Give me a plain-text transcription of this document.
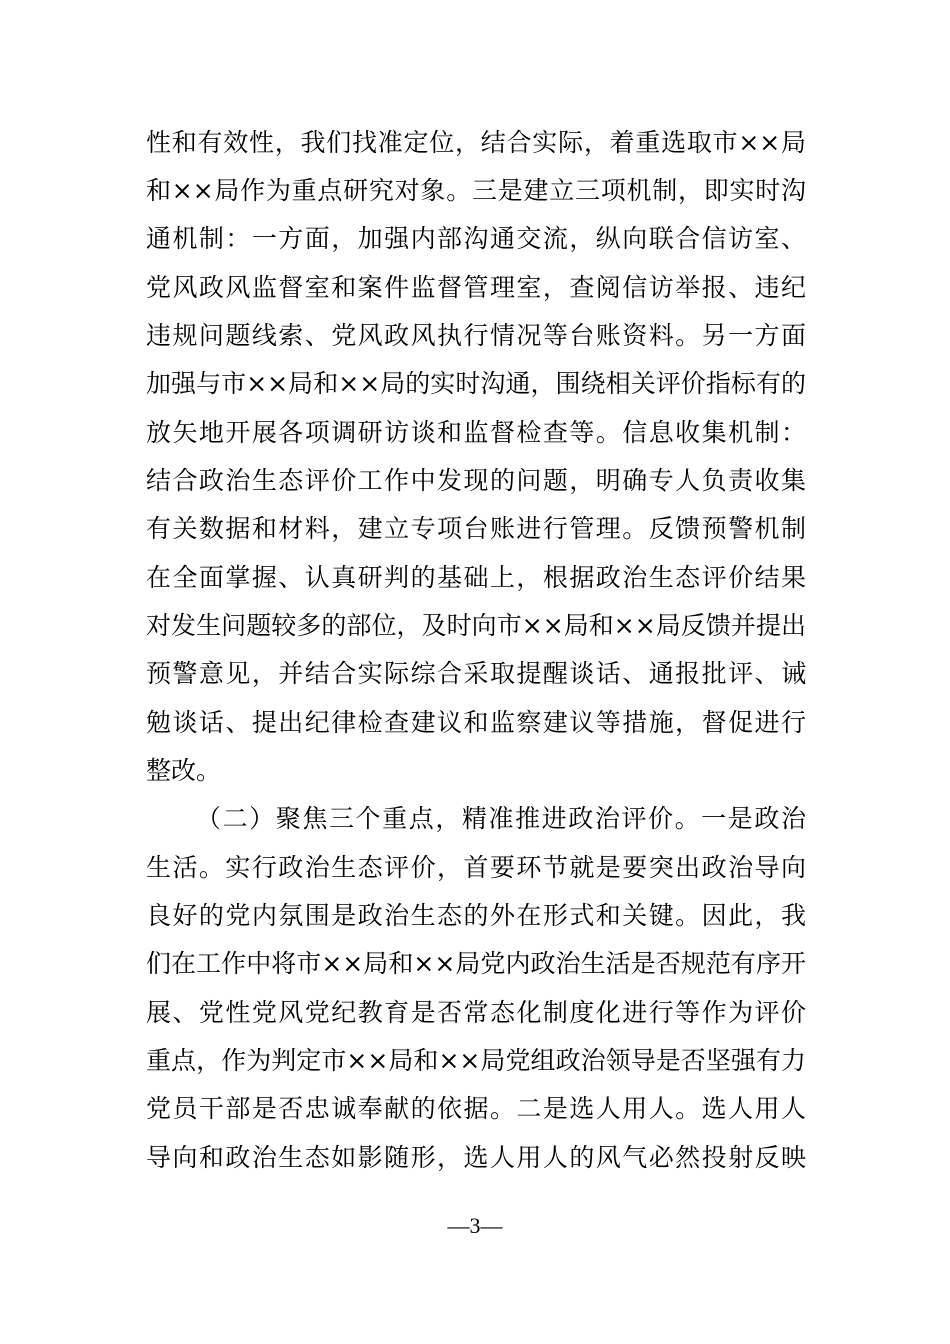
性和有效性，我们找准定位，结合实际，着重选取市××局
和××局作为重点研究对象。三是建立三项机制，即实时沟
通机制：一方面，加强内部沟通交流，纵向联合信访室、
党风政风监督室和案件监督管理室，查阅信访举报、违纪
违规问题线索、党风政风执行情况等台账资料。另一方面
加强与市××局和××局的实时沟通，围绕相关评价指标有的
放矢地开展各项调研访谈和监督检查等。信息收集机制：
结合政治生态评价工作中发现的问题，明确专人负责收集
有关数据和材料，建立专项台账进行管理。反馈预警机制
在全面掌握、认真研判的基础上，根据政治生态评价结果
对发生问题较多的部位，及时向市××局和××局反馈并提出
预警意见，并结合实际综合采取提醒谈话、通报批评、诫
勉谈话、提出纪律检查建议和监察建议等措施，督促进行
整改。
（二）聚焦三个重点，精准推进政治评价。一是政治
生活。实行政治生态评价，首要环节就是要突出政治导向
良好的党内氛围是政治生态的外在形式和关键。因此，我
们在工作中将市××局和××局党内政治生活是否规范有序开
展、党性党风党纪教育是否常态化制度化进行等作为评价
重点，作为判定市××局和××局党组政治领导是否坚强有力
党员干部是否忠诚奉献的依据。二是选人用人。选人用人
导向和政治生态如影随形，选人用人的风气必然投射反映
—3—
